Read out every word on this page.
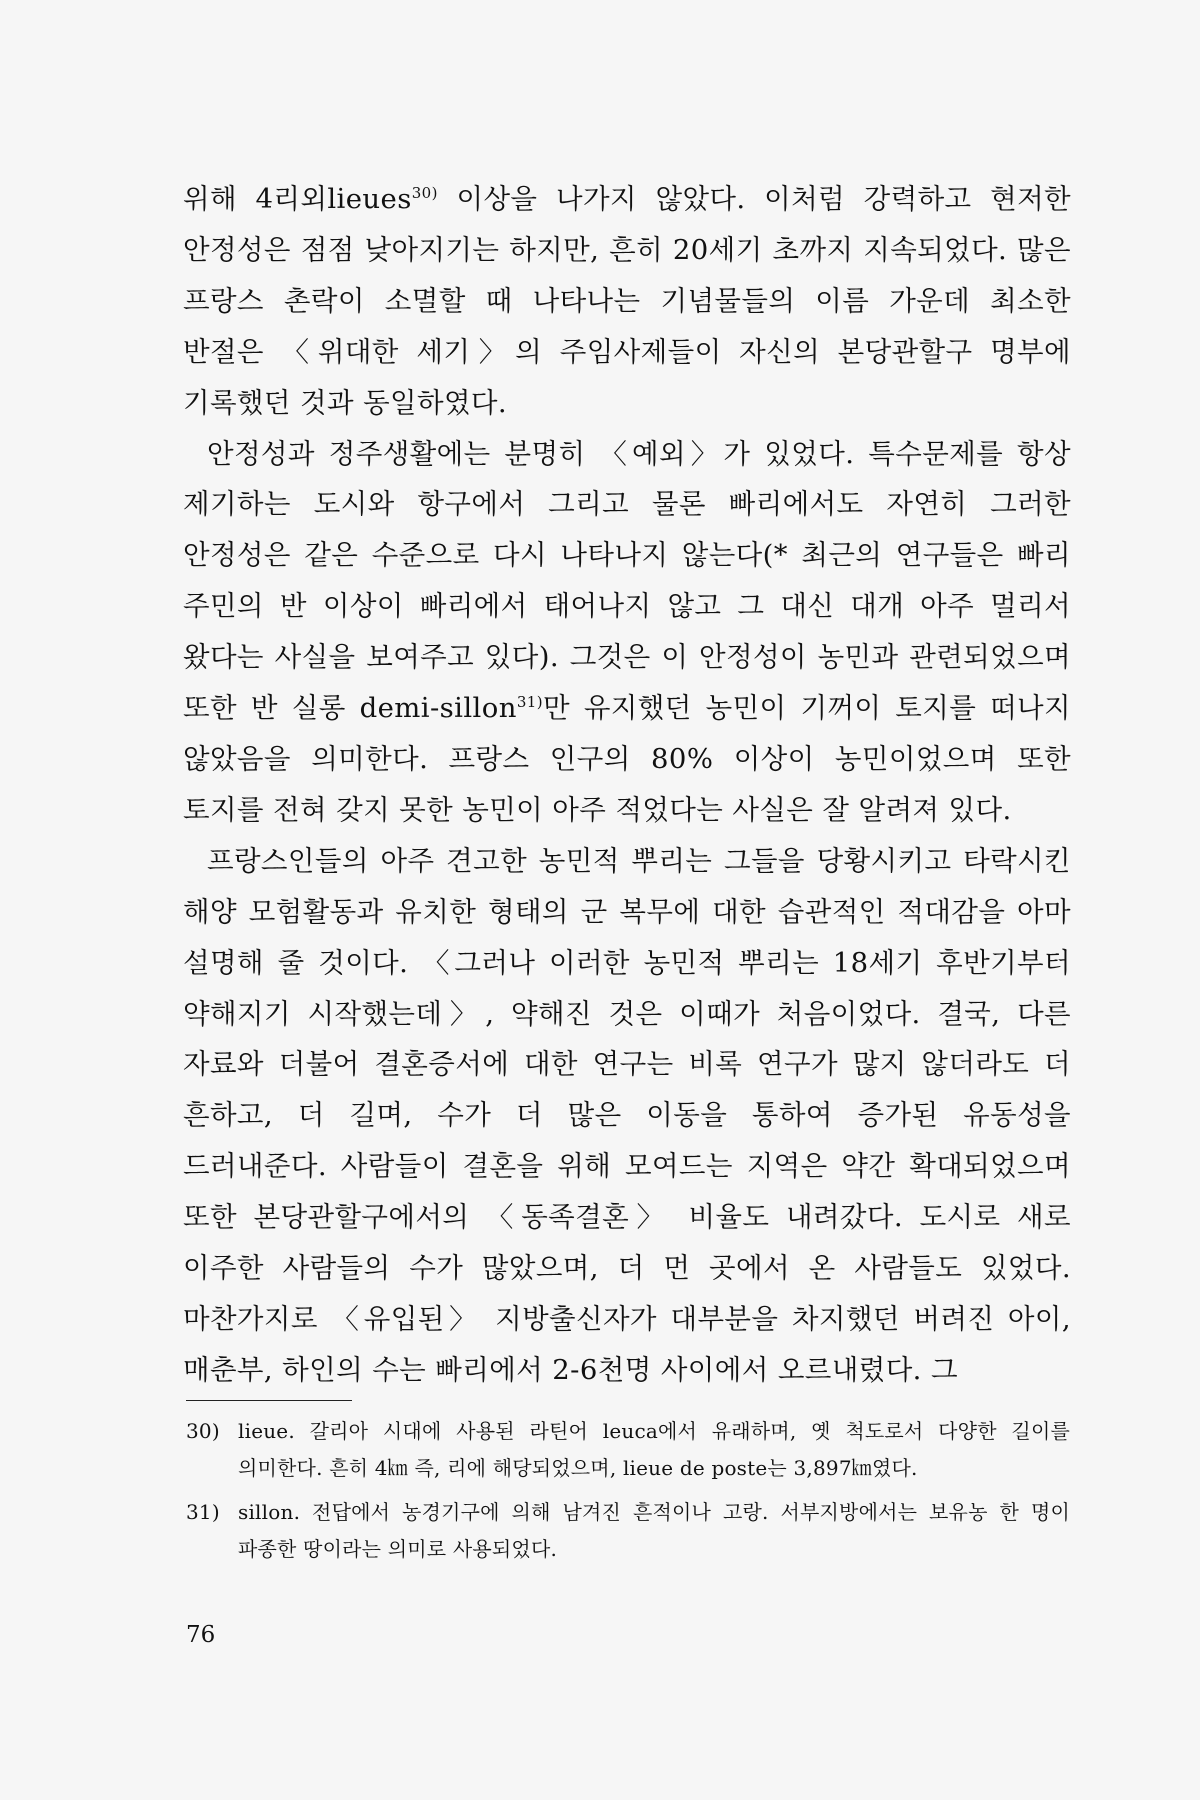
위해 4리외lieues$^{30)}$ 이상을 나가지 않았다. 이처럼 강력하고 현저한 안정성은 점점 낮아지기는 하지만, 흔히 20세기 초까지 지속되었다. 많은 프랑스 촌락이 소멸할 때 나타나는 기념물들의 이름 가운데 최소한 반절은 〈위대한 세기〉의 주임사제들이 자신의 본당관할구 명부에 기록했던 것과 동일하였다.

안정성과 정주생활에는 분명히 〈예외〉가 있었다. 특수문제를 항상 제기하는 도시와 항구에서 그리고 물론 빠리에서도 자연히 그러한 안정성은 같은 수준으로 다시 나타나지 않는다(* 최근의 연구들은 빠리 주민의 반 이상이 빠리에서 태어나지 않고 그 대신 대개 아주 멀리서 왔다는 사실을 보여주고 있다). 그것은 이 안정성이 농민과 관련되었으며 또한 반 실롱 demi-sillon$^{31)}$만 유지했던 농민이 기꺼이 토지를 떠나지 않았음을 의미한다. 프랑스 인구의 80% 이상이 농민이었으며 또한 토지를 전혀 갖지 못한 농민이 아주 적었다는 사실은 잘 알려져 있다.

프랑스인들의 아주 견고한 농민적 뿌리는 그들을 당황시키고 타락시킨 해양 모험활동과 유치한 형태의 군 복무에 대한 습관적인 적대감을 아마 설명해 줄 것이다. 〈그러나 이러한 농민적 뿌리는 18세기 후반기부터 약해지기 시작했는데〉, 약해진 것은 이때가 처음이었다. 결국, 다른 자료와 더불어 결혼증서에 대한 연구는 비록 연구가 많지 않더라도 더 흔하고, 더 길며, 수가 더 많은 이동을 통하여 증가된 유동성을 드러내준다. 사람들이 결혼을 위해 모여드는 지역은 약간 확대되었으며 또한 본당관할구에서의 〈동족결혼〉 비율도 내려갔다. 도시로 새로 이주한 사람들의 수가 많았으며, 더 먼 곳에서 온 사람들도 있었다. 마찬가지로 〈유입된〉 지방출신자가 대부분을 차지했던 버려진 아이, 매춘부, 하인의 수는 빠리에서 2-6천명 사이에서 오르내렸다. 그

30) lieue. 갈리아 시대에 사용된 라틴어 leuca에서 유래하며, 옛 척도로서 다양한 길이를 의미한다. 흔히 4㎞ 즉, 리에 해당되었으며, lieue de poste는 3,897㎞였다.
31) sillon. 전답에서 농경기구에 의해 남겨진 흔적이나 고랑. 서부지방에서는 보유농 한 명이 파종한 땅이라는 의미로 사용되었다.
76
